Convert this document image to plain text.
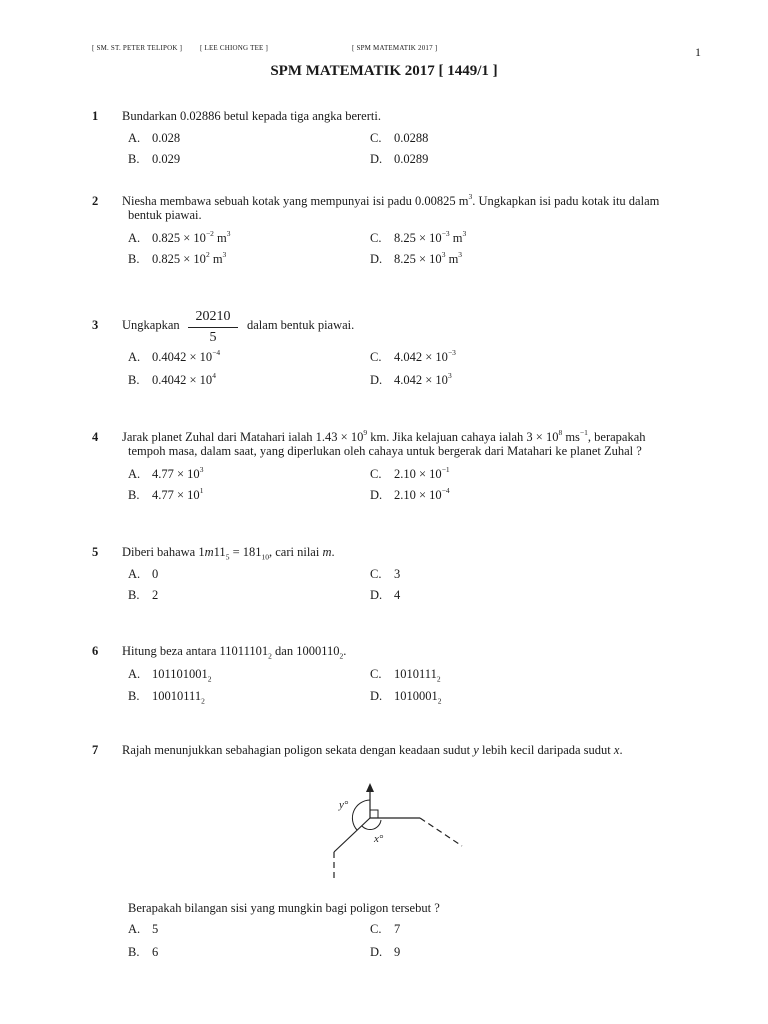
[ SM. ST. PETER TELIPOK ]	[ LEE CHIONG TEE ]	[ SPM MATEMATIK 2017 ]	1
SPM MATEMATIK 2017 [ 1449/1 ]
1 Bundarkan 0.02886 betul kepada tiga angka bererti.
A. 0.028
B. 0.029
C. 0.0288
D. 0.0289
2 Niesha membawa sebuah kotak yang mempunyai isi padu 0.00825 $m^3$. Ungkapkan isi padu kotak itu dalam
bentuk piawai.
A. $0.825 \times 10^{-2}$ $m^3$
B. $0.825 \times 10^2$ $m^3$
C. $8.25 \times 10^{-3}$ $m^3$
D. $8.25 \times 10^3$ $m^3$
3 Ungkapkan $\frac{20210}{5}$ dalam bentuk piawai.
A. $0.4042 \times 10^{-4}$
B. $0.4042 \times 10^4$
C. $4.042 \times 10^{-3}$
D. $4.042 \times 10^3$
4 Jarak planet Zuhal dari Matahari ialah $1.43 \times 10^9$ km. Jika kelajuan cahaya ialah $3 \times 10^8$ $ms^{-1}$, berapakah
tempoh masa, dalam saat, yang diperlukan oleh cahaya untuk bergerak dari Matahari ke planet Zuhal ?
A. $4.77 \times 10^3$
B. $4.77 \times 10^1$
C. $2.10 \times 10^{-1}$
D. $2.10 \times 10^{-4}$
5 Diberi bahawa $1m11_5 = 181_{10}$, cari nilai m.
A. 0
B. 2
C. 3
D. 4
6 Hitung beza antara $11011101_2$ dan $1000110_2$.
A. $101101001_2$
B. $10010111_2$
C. $1010111_2$
D. $1010001_2$
7 Rajah menunjukkan sebahagian poligon sekata dengan keadaan sudut y lebih kecil daripada sudut x.
y°
x°
Berapakah bilangan sisi yang mungkin bagi poligon tersebut ?
A. 5
B. 6
C. 7
D. 9
